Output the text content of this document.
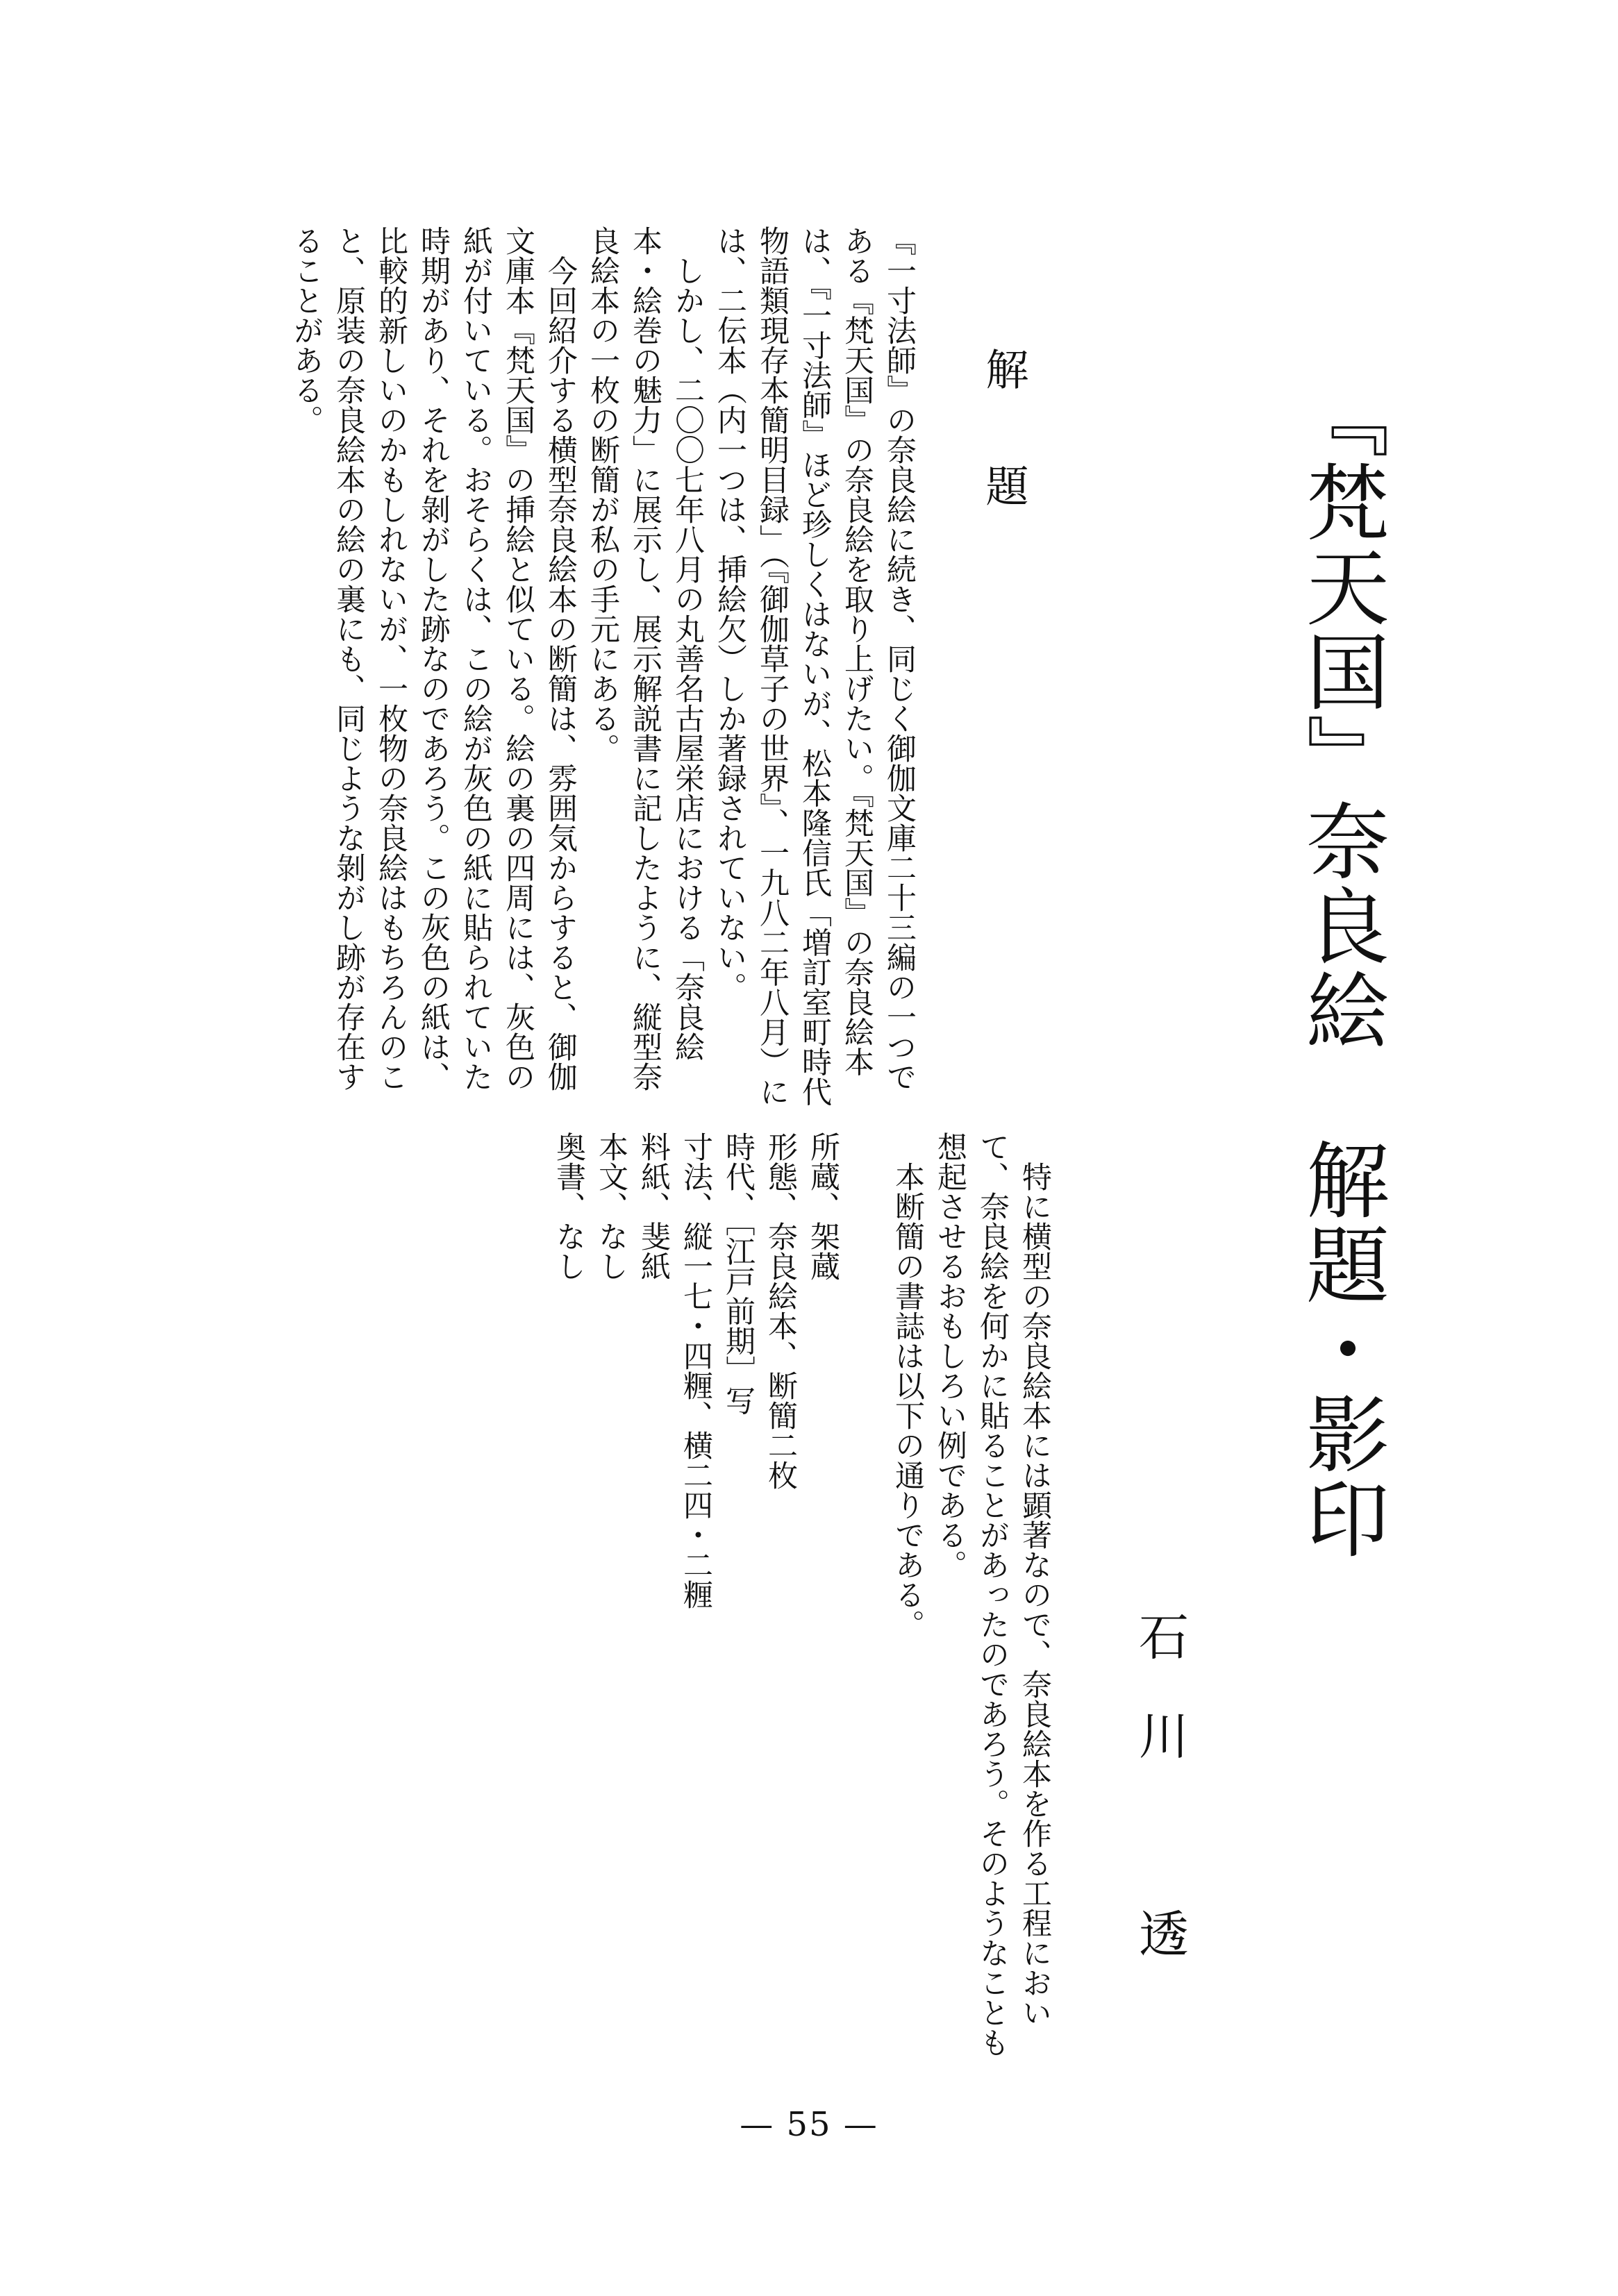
『梵天国』奈良絵　解題・影印
石川　透
解　題

『一寸法師』の奈良絵に続き、同じく御伽文庫二十三編の一つである『梵天国』の奈良絵を取り上げたい。『梵天国』の奈良絵本は、『一寸法師』ほど珍しくはないが、松本隆信氏「増訂室町時代物語類現存本簡明目録」（『御伽草子の世界』、一九八二年八月）には、二伝本（内一つは、挿絵欠）しか著録されていない。

しかし、二〇〇七年八月の丸善名古屋栄店における「奈良絵本・絵巻の魅力」に展示し、展示解説書に記したように、縦型奈良絵本の一枚の断簡が私の手元にある。

今回紹介する横型奈良絵本の断簡は、雰囲気からすると、御伽文庫本『梵天国』の挿絵と似ている。絵の裏の四周には、灰色の紙が付いている。おそらくは、この絵が灰色の紙に貼られていた時期があり、それを剝がした跡なのであろう。この灰色の紙は、比較的新しいのかもしれないが、一枚物の奈良絵はもちろんのこと、原装の奈良絵本の絵の裏にも、同じような剝がし跡が存在することがある。

特に横型の奈良絵本には顕著なので、奈良絵本を作る工程において、奈良絵を何かに貼ることがあったのであろう。そのようなことも想起させるおもしろい例である。

本断簡の書誌は以下の通りである。

所蔵、架蔵

形態、奈良絵本、断簡二枚

時代、［江戸前期］写

寸法、縦一七・四糎、横二四・二糎

料紙、斐紙

本文、なし

奥書、なし

— 55 —
